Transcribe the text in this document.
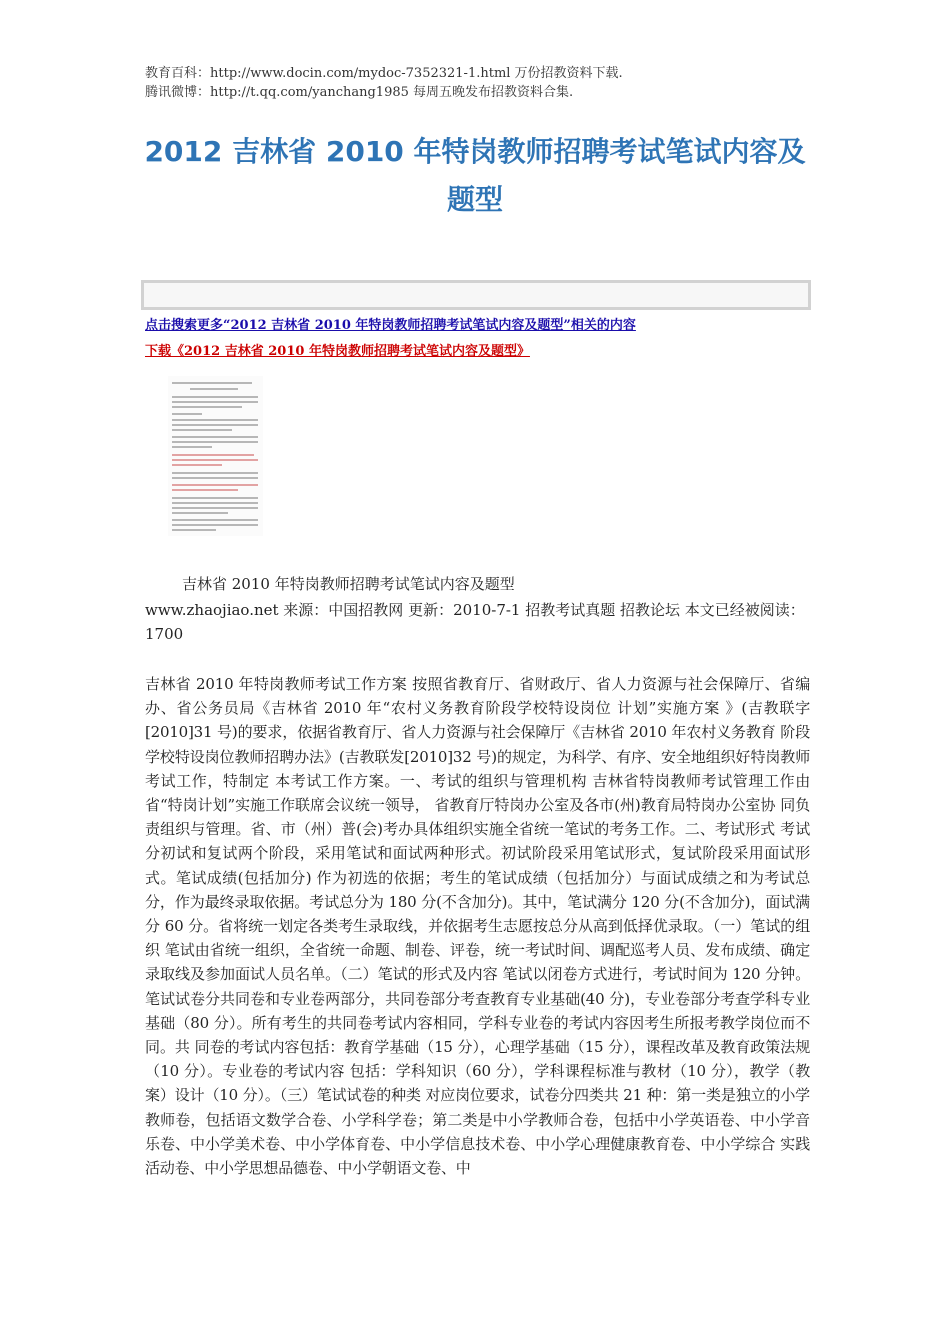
教育百科：http://www.docin.com/mydoc-7352321-1.html 万份招教资料下载.
腾讯微博：http://t.qq.com/yanchang1985 每周五晚发布招教资料合集.
2012 吉林省 2010 年特岗教师招聘考试笔试内容及题型
点击搜索更多“2012 吉林省 2010 年特岗教师招聘考试笔试内容及题型”相关的内容
下载《2012 吉林省 2010 年特岗教师招聘考试笔试内容及题型》
吉林省 2010 年特岗教师招聘考试笔试内容及题型
www.zhaojiao.net 来源：中国招教网 更新：2010-7-1 招教考试真题 招教论坛 本文已经被阅读：1700
吉林省 2010 年特岗教师考试工作方案 按照省教育厅、省财政厅、省人力资源与社会保障厅、省编办、省公务员局《吉林省 2010 年“农村义务教育阶段学校特设岗位 计划”实施方案 》(吉教联字[2010]31 号)的要求，依据省教育厅、省人力资源与社会保障厅《吉林省 2010 年农村义务教育 阶段学校特设岗位教师招聘办法》(吉教联发[2010]32 号)的规定，为科学、有序、安全地组织好特岗教师考试工作，特制定 本考试工作方案。一、考试的组织与管理机构 吉林省特岗教师考试管理工作由省“特岗计划”实施工作联席会议统一领导， 省教育厅特岗办公室及各市(州)教育局特岗办公室协 同负责组织与管理。省、市（州）普(会)考办具体组织实施全省统一笔试的考务工作。二、考试形式 考试分初试和复试两个阶段，采用笔试和面试两种形式。初试阶段采用笔试形式，复试阶段采用面试形式。笔试成绩(包括加分) 作为初选的依据；考生的笔试成绩（包括加分）与面试成绩之和为考试总分，作为最终录取依据。考试总分为 180 分(不含加分)。其中，笔试满分 120 分(不含加分)，面试满分 60 分。省将统一划定各类考生录取线，并依据考生志愿按总分从高到低择优录取。（一）笔试的组织 笔试由省统一组织，全省统一命题、制卷、评卷，统一考试时间、调配巡考人员、发布成绩、确定录取线及参加面试人员名单。（二）笔试的形式及内容 笔试以闭卷方式进行，考试时间为 120 分钟。笔试试卷分共同卷和专业卷两部分，共同卷部分考查教育专业基础(40 分)，专业卷部分考查学科专业基础（80 分）。所有考生的共同卷考试内容相同，学科专业卷的考试内容因考生所报考教学岗位而不同。共 同卷的考试内容包括：教育学基础（15 分），心理学基础（15 分），课程改革及教育政策法规（10 分）。专业卷的考试内容 包括：学科知识（60 分），学科课程标准与教材（10 分），教学（教案）设计（10 分）。（三）笔试试卷的种类 对应岗位要求，试卷分四类共 21 种：第一类是独立的小学教师卷，包括语文数学合卷、小学科学卷；第二类是中小学教师合卷，包括中小学英语卷、中小学音乐卷、中小学美术卷、中小学体育卷、中小学信息技术卷、中小学心理健康教育卷、中小学综合 实践活动卷、中小学思想品德卷、中小学朝语文卷、中
